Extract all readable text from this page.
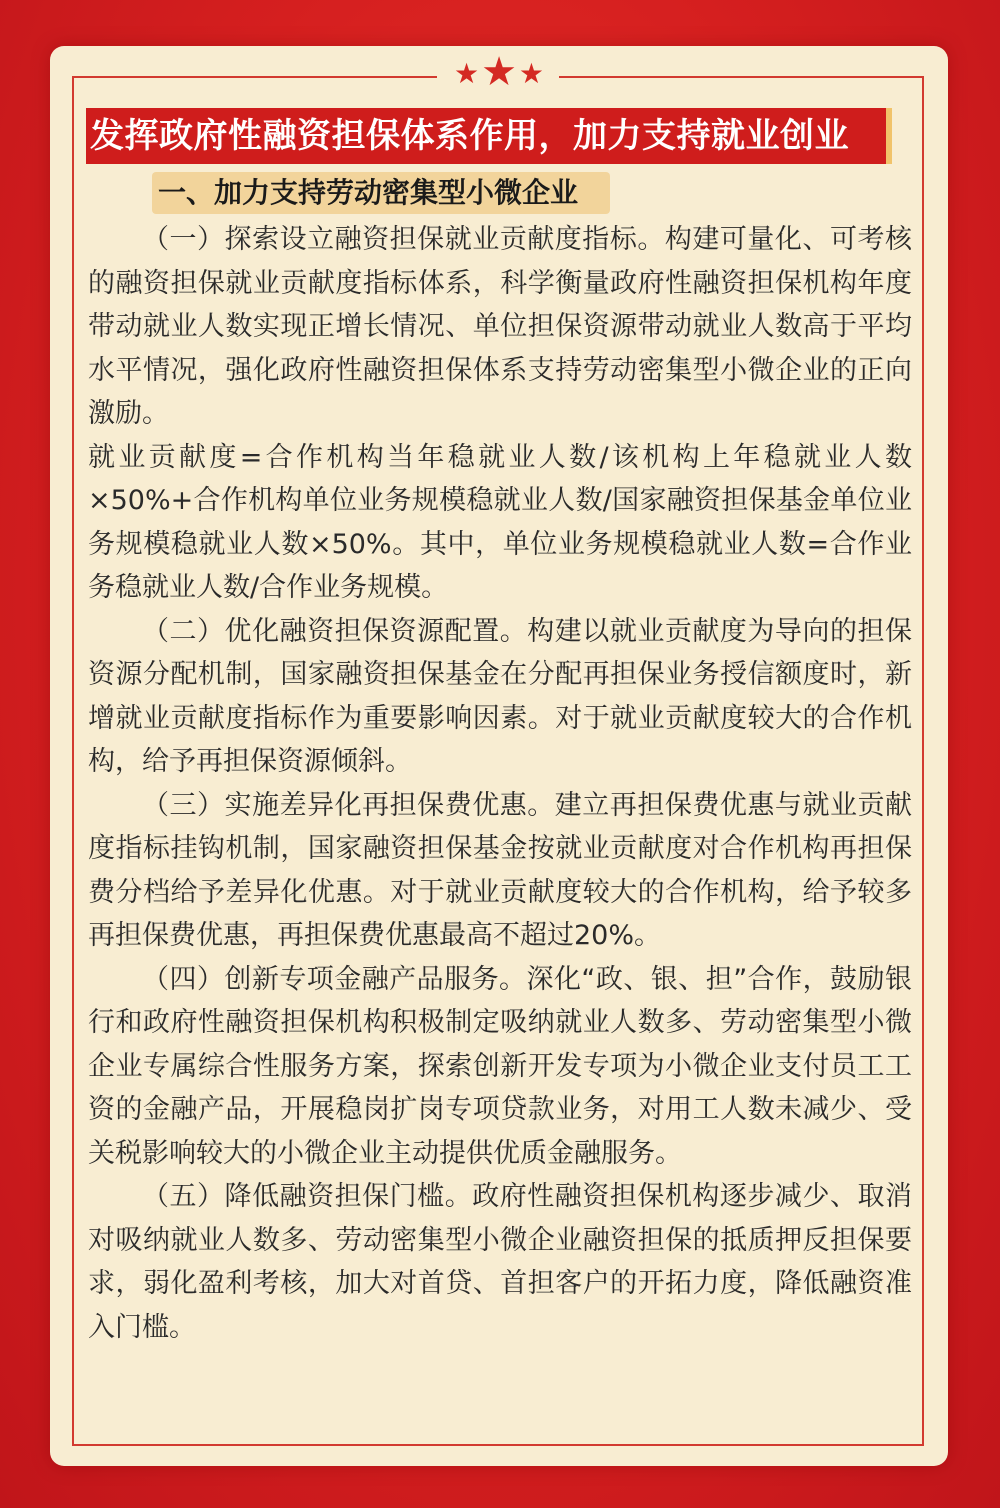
★ ★ ★
发挥政府性融资担保体系作用，加力支持就业创业
一、加力支持劳动密集型小微企业

（一）探索设立融资担保就业贡献度指标。构建可量化、可考核的融资担保就业贡献度指标体系，科学衡量政府性融资担保机构年度带动就业人数实现正增长情况、单位担保资源带动就业人数高于平均水平情况，强化政府性融资担保体系支持劳动密集型小微企业的正向激励。

就业贡献度=合作机构当年稳就业人数/该机构上年稳就业人数×50%+合作机构单位业务规模稳就业人数/国家融资担保基金单位业务规模稳就业人数×50%。其中，单位业务规模稳就业人数=合作业务稳就业人数/合作业务规模。

（二）优化融资担保资源配置。构建以就业贡献度为导向的担保资源分配机制，国家融资担保基金在分配再担保业务授信额度时，新增就业贡献度指标作为重要影响因素。对于就业贡献度较大的合作机构，给予再担保资源倾斜。

（三）实施差异化再担保费优惠。建立再担保费优惠与就业贡献度指标挂钩机制，国家融资担保基金按就业贡献度对合作机构再担保费分档给予差异化优惠。对于就业贡献度较大的合作机构，给予较多再担保费优惠，再担保费优惠最高不超过20%。

（四）创新专项金融产品服务。深化“政、银、担”合作，鼓励银行和政府性融资担保机构积极制定吸纳就业人数多、劳动密集型小微企业专属综合性服务方案，探索创新开发专项为小微企业支付员工工资的金融产品，开展稳岗扩岗专项贷款业务，对用工人数未减少、受关税影响较大的小微企业主动提供优质金融服务。

（五）降低融资担保门槛。政府性融资担保机构逐步减少、取消对吸纳就业人数多、劳动密集型小微企业融资担保的抵质押反担保要求，弱化盈利考核，加大对首贷、首担客户的开拓力度，降低融资准入门槛。
